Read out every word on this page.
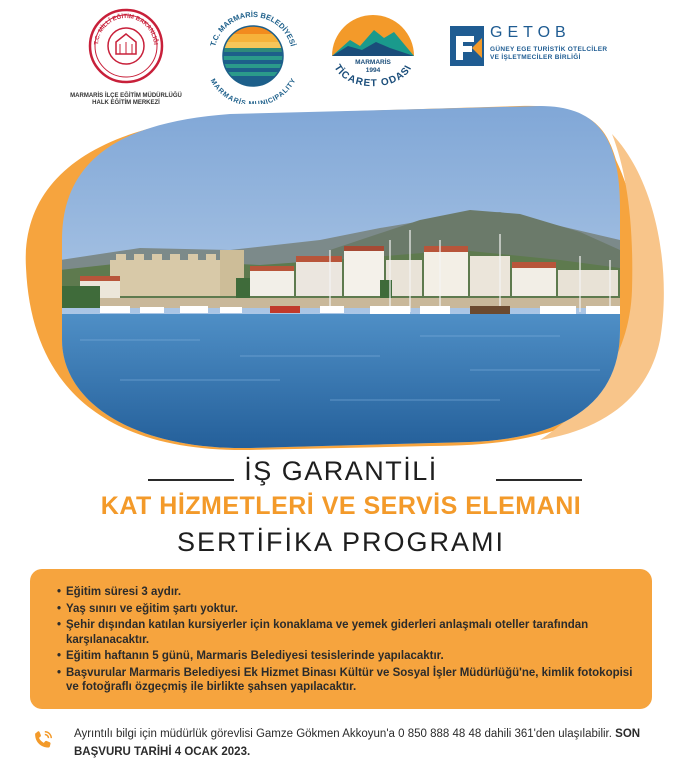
T.C. MİLLÎ EĞİTİM BAKANLIĞI
MARMARİS İLÇE EĞİTİM MÜDÜRLÜĞÜ
HALK EĞİTİM MERKEZİ
T.C. MARMARİS BELEDİYESİ
MARMARİS NICIPALITY
MARMARİS
1994
TİCARET ODASI
GETOB
GÜNEY EGE TURİSTİK OTELCİLER
VE İŞLETMECİLER BİRLİĞİ
İŞ GARANTİLİ
KAT HİZMETLERİ VE SERVİS ELEMANI
SERTİFİKA PROGRAMI
• Eğitim süresi 3 aydır.
• Yaş sınırı ve eğitim şartı yoktur.
• Şehir dışından katılan kursiyerler için konaklama ve yemek giderleri anlaşmalı oteller tarafından karşılanacaktır.
• Eğitim haftanın 5 günü, Marmaris Belediyesi tesislerinde yapılacaktır.
• Başvurular Marmaris Belediyesi Ek Hizmet Binası Kültür ve Sosyal İşler Müdürlüğü'ne, kimlik fotokopisi ve fotoğraflı özgeçmiş ile birlikte şahsen yapılacaktır.

Ayrıntılı bilgi için müdürlük görevlisi Gamze Gökmen Akkoyun'a 0 850 888 48 48 dahili 361'den ulaşılabilir. SON BAŞVURU TARİHİ 4 OCAK 2023.
